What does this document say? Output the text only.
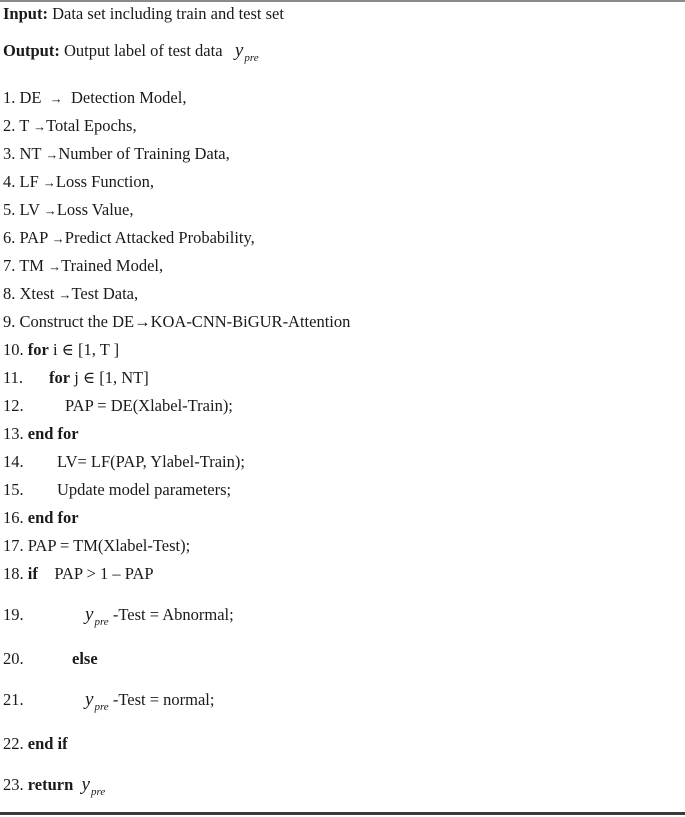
Input: Data set including train and test set
Output: Output label of test data $y_{pre}$
1. DE → Detection Model,
2. T →Total Epochs,
3. NT →Number of Training Data,
4. LF →Loss Function,
5. LV →Loss Value,
6. PAP →Predict Attacked Probability,
7. TM →Trained Model,
8. Xtest →Test Data,
9. Construct the DE→KOA-CNN-BiGUR-Attention
10. for i ∈ [1, T ]
11. for j ∈ [1, NT]
12.	PAP = DE(Xlabel-Train);
13. end for
14. LV= LF(PAP, Ylabel-Train);
15. Update model parameters;
16. end for
17. PAP = TM(Xlabel-Test);
18. if PAP > 1 – PAP
19.	$y_{pre}$ -Test = Abnormal;
20.	else
21.	$y_{pre}$ -Test = normal;
22. end if
23. return $y_{pre}$
